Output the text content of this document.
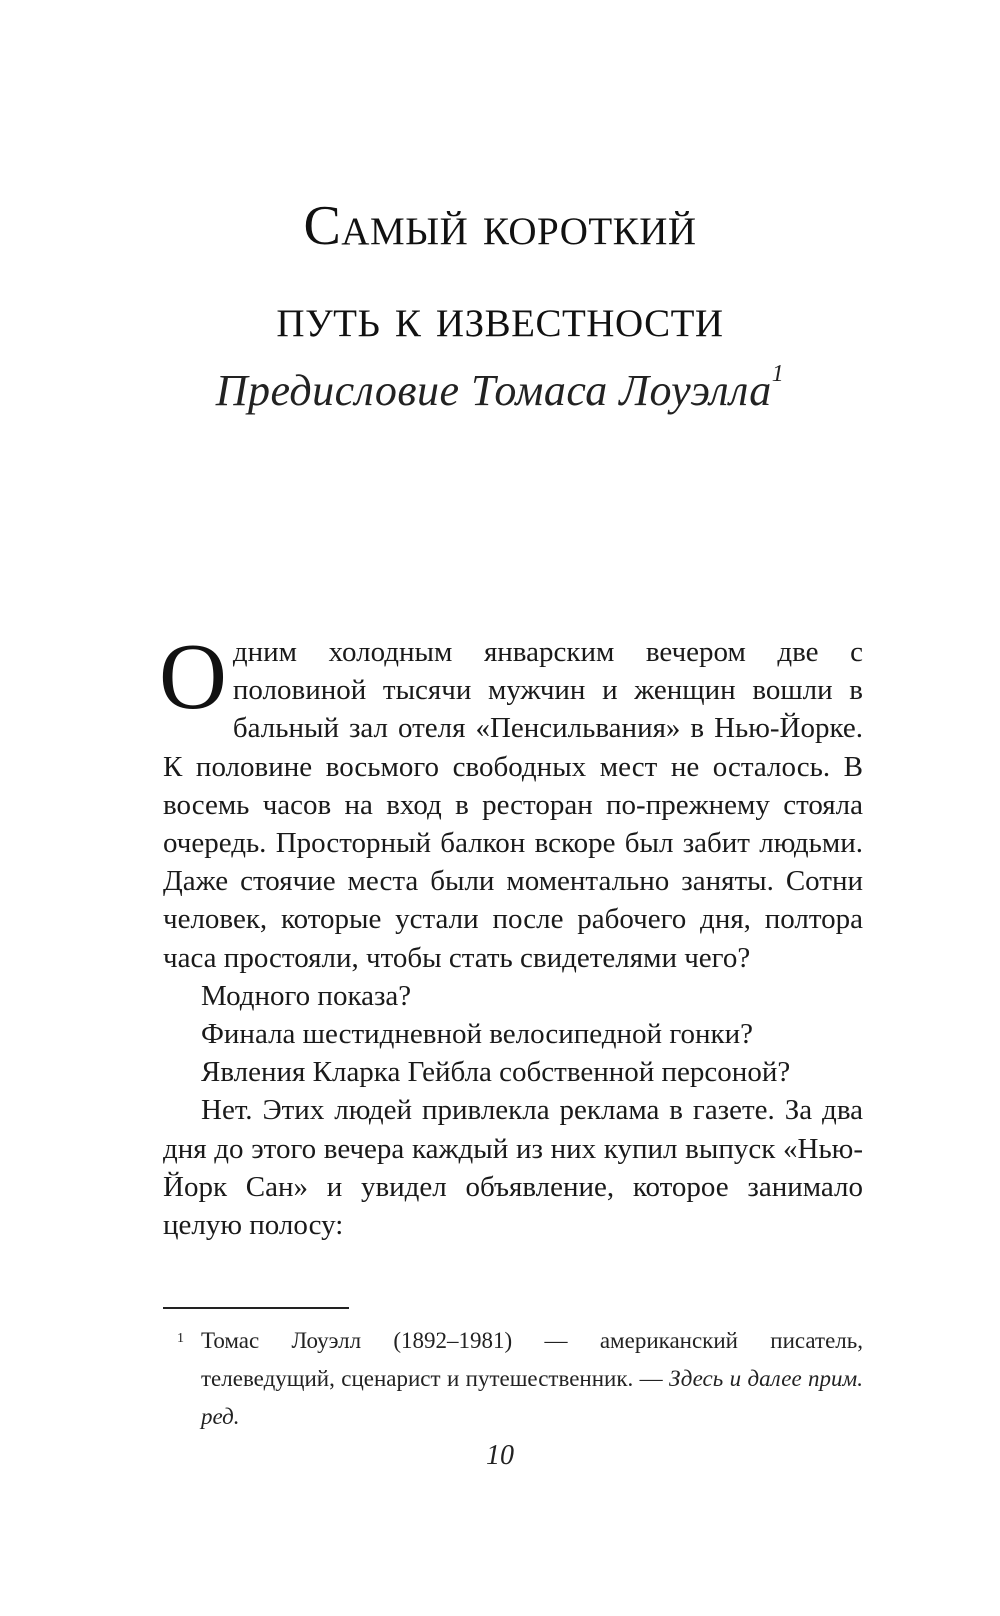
Самый короткий
путь к известности
Предисловие Томаса Лоуэлла$^1$

Одним холодным январским вечером две с половиной тысячи мужчин и женщин вошли в бальный зал отеля «Пенсильвания» в Нью-Йорке. К половине восьмого свободных мест не осталось. В восемь часов на вход в ресторан по-прежнему стояла очередь. Просторный балкон вскоре был забит людьми. Даже стоячие места были моментально заняты. Сотни человек, которые устали после рабочего дня, полтора часа простояли, чтобы стать свидетелями чего?

Модного показа?

Финала шестидневной велосипедной гонки?

Явления Кларка Гейбла собственной персоной?

Нет. Этих людей привлекла реклама в газете. За два дня до этого вечера каждый из них купил выпуск «Нью-Йорк Сан» и увидел объявление, которое занимало целую полосу:

1 Томас Лоуэлл (1892–1981) — американский писатель, телеведущий, сценарист и путешественник. — Здесь и далее прим. ред.
10
